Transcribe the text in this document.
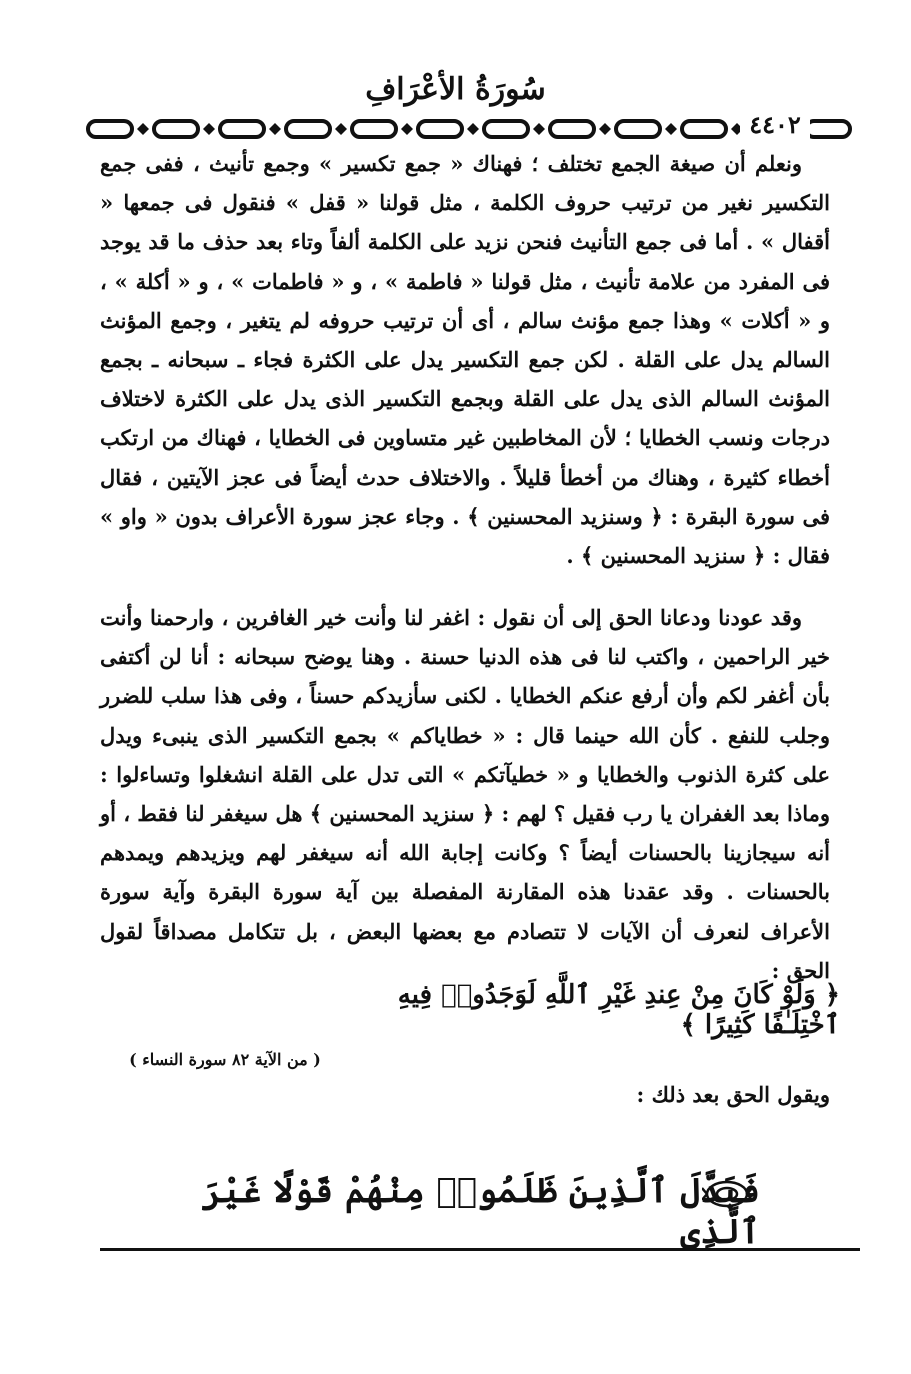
سُورَةُ الأعْرَافِ
٤٤٠٢

ونعلم أن صيغة الجمع تختلف ؛ فهناك « جمع تكسير » وجمع تأنيث ، ففى جمع التكسير نغير من ترتيب حروف الكلمة ، مثل قولنا « قفل » فنقول فى جمعها « أقفال » . أما فى جمع التأنيث فنحن نزيد على الكلمة ألفاً وتاء بعد حذف ما قد يوجد فى المفرد من علامة تأنيث ، مثل قولنا « فاطمة » ، و « فاطمات » ، و « أكلة » ، و « أكلات » وهذا جمع مؤنث سالم ، أى أن ترتيب حروفه لم يتغير ، وجمع المؤنث السالم يدل على القلة . لكن جمع التكسير يدل على الكثرة فجاء ـ سبحانه ـ بجمع المؤنث السالم الذى يدل على القلة وبجمع التكسير الذى يدل على الكثرة لاختلاف درجات ونسب الخطايا ؛ لأن المخاطبين غير متساوين فى الخطايا ، فهناك من ارتكب أخطاء كثيرة ، وهناك من أخطأ قليلاً . والاختلاف حدث أيضاً فى عجز الآيتين ، فقال فى سورة البقرة : ﴿ وسنزيد المحسنين ﴾ . وجاء عجز سورة الأعراف بدون « واو » فقال : ﴿ سنزيد المحسنين ﴾ .

وقد عودنا ودعانا الحق إلى أن نقول : اغفر لنا وأنت خير الغافرين ، وارحمنا وأنت خير الراحمين ، واكتب لنا فى هذه الدنيا حسنة . وهنا يوضح سبحانه : أنا لن أكتفى بأن أغفر لكم وأن أرفع عنكم الخطايا . لكنى سأزيدكم حسناً ، وفى هذا سلب للضرر وجلب للنفع . كأن الله حينما قال : « خطاياكم » بجمع التكسير الذى ينبىء ويدل على كثرة الذنوب والخطايا و « خطيآتكم » التى تدل على القلة انشغلوا وتساءلوا : وماذا بعد الغفران يا رب فقيل ؟ لهم : ﴿ سنزيد المحسنين ﴾ هل سيغفر لنا فقط ، أو أنه سيجازينا بالحسنات أيضاً ؟ وكانت إجابة الله أنه سيغفر لهم ويزيدهم ويمدهم بالحسنات . وقد عقدنا هذه المقارنة المفصلة بين آية سورة البقرة وآية سورة الأعراف لنعرف أن الآيات لا تتصادم مع بعضها البعض ، بل تتكامل مصداقاً لقول الحق :

﴿ وَلَوْ كَانَ مِنْ عِندِ غَيْرِ ٱللَّهِ لَوَجَدُوا۟ فِيهِ ٱخْتِلَـٰفًا كَثِيرًا ﴾
( من الآية ٨٢ سورة النساء )
ويقول الحق بعد ذلك :
فَبَدَّلَ ٱلَّذِينَ ظَلَمُوا۟ مِنْهُمْ قَوْلًا غَيْرَ ٱلَّذِى
